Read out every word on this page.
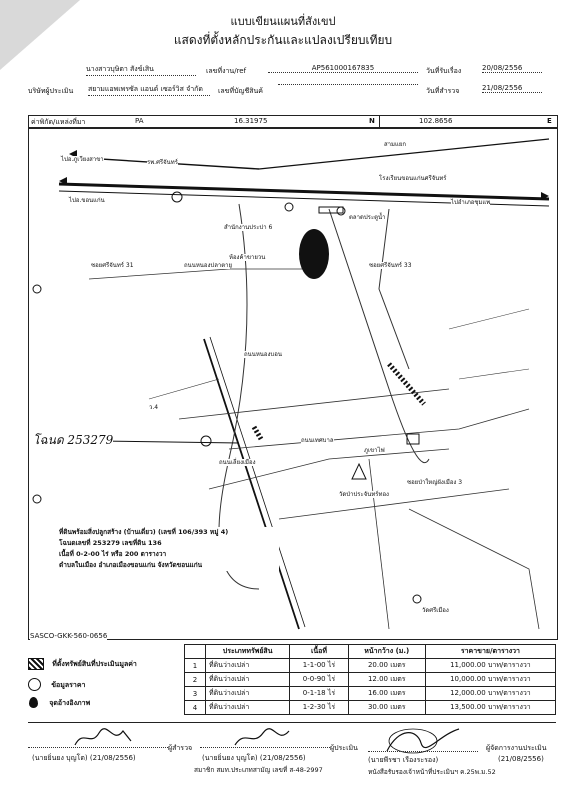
แบบเขียนแผนที่สังเขป
แสดงที่ตั้งหลักประกันและแปลงเปรียบเทียบ
นางสาวบุษิตา สังข์เสิน	เลขที่งาน/ref	AP561000167835	วันที่รับเรื่อง	20/08/2556
บริษัทผู้ประเมิน สยามแอพเพรซัล แอนด์ เซอร์วิส จำกัด	เลขที่บัญชีสินค้	วันที่สำรวจ	21/08/2556
ค่าพิกัด/แหล่งที่มา	PA	16.31975	N	102.8656	E
ไปอ.ภูเวียงสาขา
ไปอ.ขอนแก่น	ไปอำเภอชุมแพ
สามแยก
รพ.ศรีจันทร์
โรงเรียนขอนแก่นศรีจันทร์
ตลาดประตูน้ำ
สำนักงานประปา 6
ห้องค้าขายวน
ซอยศรีจันทร์ 31	ถนนหนองปลาตายู	ซอยศรีจันทร์ 33
ถนนหนองบอน
ถนนเทศบาล
ภูเขาไฟ
วัดป่าประจันทร์ทอง
ซอยป่าใหญ่ผังเมือง 3
ถนนเลี่ยงเมือง
วัดศรีเมือง
ว.4
โฉนด 253279
ที่ดินพร้อมสิ่งปลูกสร้าง (บ้านเดี่ยว) (เลขที่ 106/393 หมู่ 4)
โฉนดเลขที่ 253279 เลขที่ดิน 136
เนื้อที่ 0-2-00 ไร่ หรือ 200 ตารางวา
ตำบลในเมือง อำเภอเมืองขอนแก่น จังหวัดขอนแก่น
SASCO-GKK-560-0656
ที่ตั้งทรัพย์สินที่ประเมินมูลค่า
ข้อมูลราคา
จุดอ้างอิงภาพ
	ประเภททรัพย์สิน	เนื้อที่	หน้ากว้าง (ม.)	ราคาขาย/ตารางวา
1	ที่ดินว่างเปล่า	1-1-00 ไร่	20.00 เมตร	11,000.00 บาท/ตารางวา
2	ที่ดินว่างเปล่า	0-0-90 ไร่	12.00 เมตร	10,000.00 บาท/ตารางวา
3	ที่ดินว่างเปล่า	0-1-18 ไร่	16.00 เมตร	12,000.00 บาท/ตารางวา
4	ที่ดินว่างเปล่า	1-2-30 ไร่	30.00 เมตร	13,500.00 บาท/ตารางวา
ผู้สำรวจ
(นายยิ่นยง บุญโต) (21/08/2556)
ผู้ประเมิน
(นายยิ่นยง บุญโต) (21/08/2556)
สมาชิก สมท.ประเภทสามัญ เลขที่ ส-48-2997
ผู้จัดการงานประเมิน
(นายพีรชา เรืองระรอง)	(21/08/2556)
หนังสือรับรองเจ้าหน้าที่ประเมินฯ ค.25พ.ม.52
